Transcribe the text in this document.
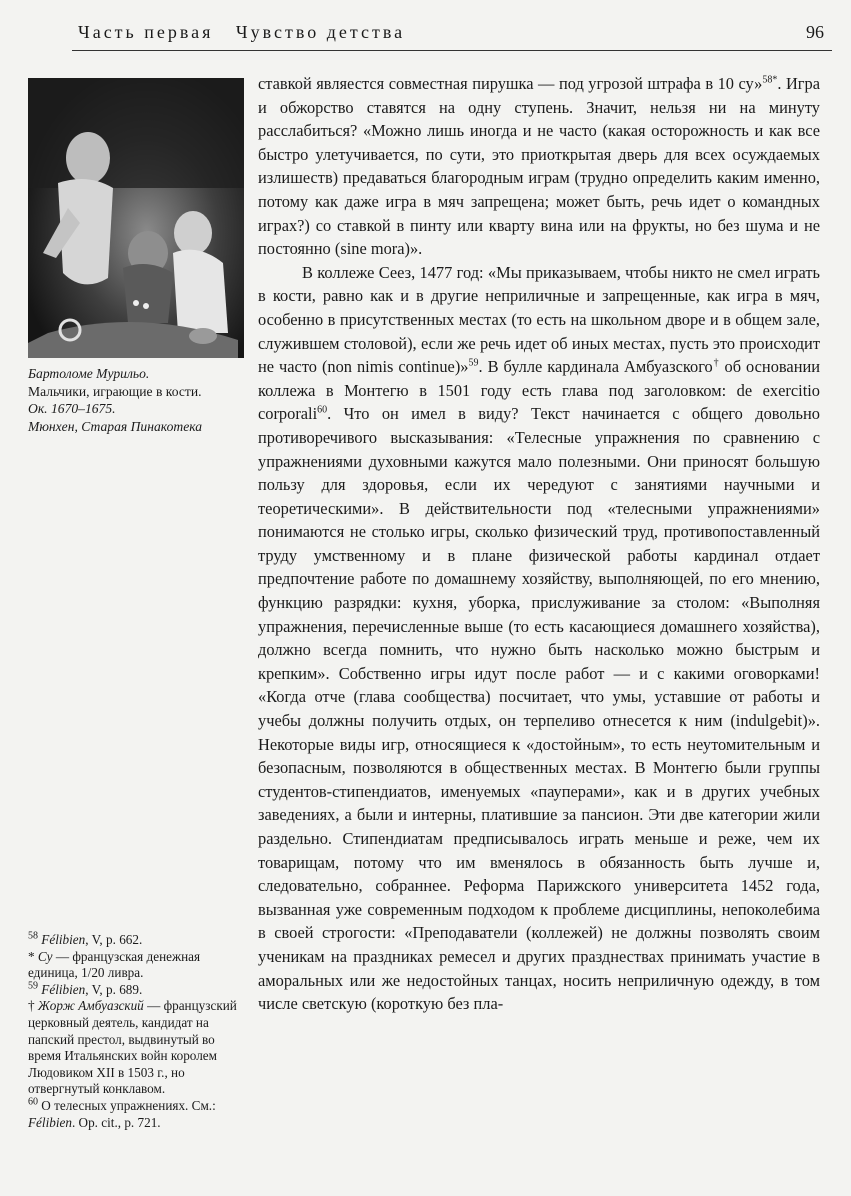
Часть первая   Чувство детства	96
Бартоломе Мурильо.
Мальчики, играющие в кости.
Ок. 1670–1675.
Мюнхен, Старая Пинакотека

ставкой являестся совместная пирушка — под угрозой штрафа в 10 су»$^{58*}$. Игра и обжорство ставятся на одну ступень. Значит, нельзя ни на минуту расслабиться? «Можно лишь иногда и не часто (какая осторожность и как все быстро улетучивается, по сути, это приоткрытая дверь для всех осуждаемых излишеств) предаваться благородным играм (трудно определить каким именно, потому как даже игра в мяч запрещена; может быть, речь идет о командных играх?) со ставкой в пинту или кварту вина или на фрукты, но без шума и не постоянно (sine mora)».

В коллеже Сеез, 1477 год: «Мы приказываем, чтобы никто не смел играть в кости, равно как и в другие неприличные и запрещенные, как игра в мяч, особенно в присутственных местах (то есть на школьном дворе и в общем зале, служившем столовой), если же речь идет об иных местах, пусть это происходит не часто (non nimis continue)»$^{59}$. В булле кардинала Амбуазского† об основании коллежа в Монтегю в 1501 году есть глава под заголовком: de exercitio corporali$^{60}$. Что он имел в виду? Текст начинается с общего довольно противоречивого высказывания: «Телесные упражнения по сравнению с упражнениями духовными кажутся мало полезными. Они приносят большую пользу для здоровья, если их чередуют с занятиями научными и теоретическими». В действительности под «телесными упражнениями» понимаются не столько игры, сколько физический труд, противопоставленный труду умственному и в плане физической работы кардинал отдает предпочтение работе по домашнему хозяйству, выполняющей, по его мнению, функцию разрядки: кухня, уборка, прислуживание за столом: «Выполняя упражнения, перечисленные выше (то есть касающиеся домашнего хозяйства), должно всегда помнить, что нужно быть насколько можно быстрым и крепким». Собственно игры идут после работ — и с какими оговорками! «Когда отче (глава сообщества) посчитает, что умы, уставшие от работы и учебы должны получить отдых, он терпеливо отнесется к ним (indulgebit)». Некоторые виды игр, относящиеся к «достойным», то есть неутомительным и безопасным, позволяются в общественных местах. В Монтегю были группы студентов-стипендиатов, именуемых «пауперами», как и в других учебных заведениях, а были и интерны, платившие за пансион. Эти две категории жили раздельно. Стипендиатам предписывалось играть меньше и реже, чем их товарищам, потому что им вменялось в обязанность быть лучше и, следовательно, собраннее. Реформа Парижского университета 1452 года, вызванная уже современным подходом к проблеме дисциплины, непоколебима в своей строгости: «Преподаватели (коллежей) не должны позволять своим ученикам на праздниках ремесел и других празднествах принимать участие в аморальных или же недостойных танцах, носить неприличную одежду, в том числе светскую (короткую без пла-

$^{58}$ Félibien, V, p. 662.
* Су — французская денежная единица, 1/20 ливра.
$^{59}$ Félibien, V, p. 689.
† Жорж Амбуазский — французский церковный деятель, кандидат на папский престол, выдвинутый во время Итальянских войн королем Людовиком XII в 1503 г., но отвергнутый конклавом.
$^{60}$ О телесных упражнениях. См.: Félibien. Op. cit., p. 721.
